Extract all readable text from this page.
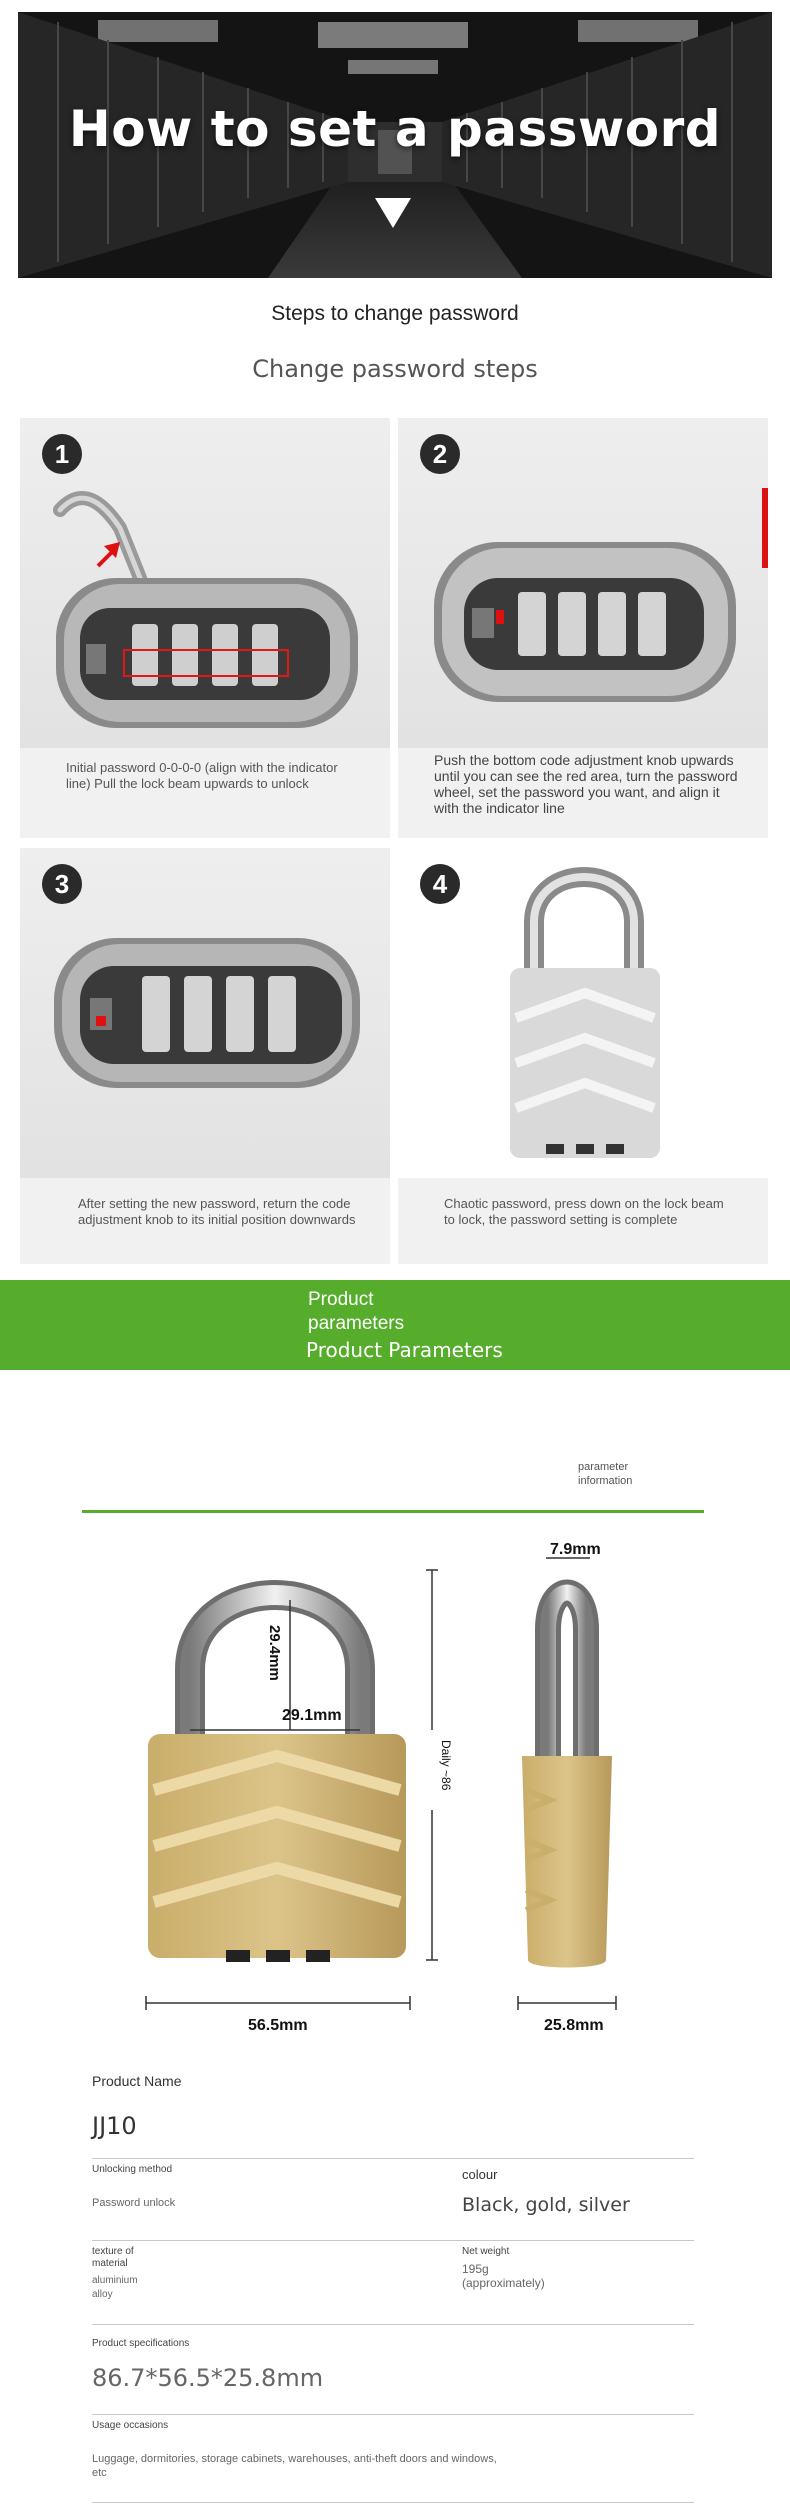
How to set a password
Steps to change password
Change password steps
1
Initial password 0-0-0-0 (align with the indicator line) Pull the lock beam upwards to unlock
2
Push the bottom code adjustment knob upwards until you can see the red area, turn the password wheel, set the password you want, and align it with the indicator line
3
After setting the new password, return the code adjustment knob to its initial position downwards
4
Chaotic password, press down on the lock beam to lock, the password setting is complete
Product parameters
Product Parameters
parameter information
29.4mm
29.1mm
56.5mm
Daily ~86
7.9mm
25.8mm
Product Name
JJ10
Unlocking method
Password unlock
colour
Black, gold, silver
texture of material
aluminium alloy
Net weight
195g (approximately)
Product specifications
86.7*56.5*25.8mm
Usage occasions
Luggage, dormitories, storage cabinets, warehouses, anti-theft doors and windows, etc
